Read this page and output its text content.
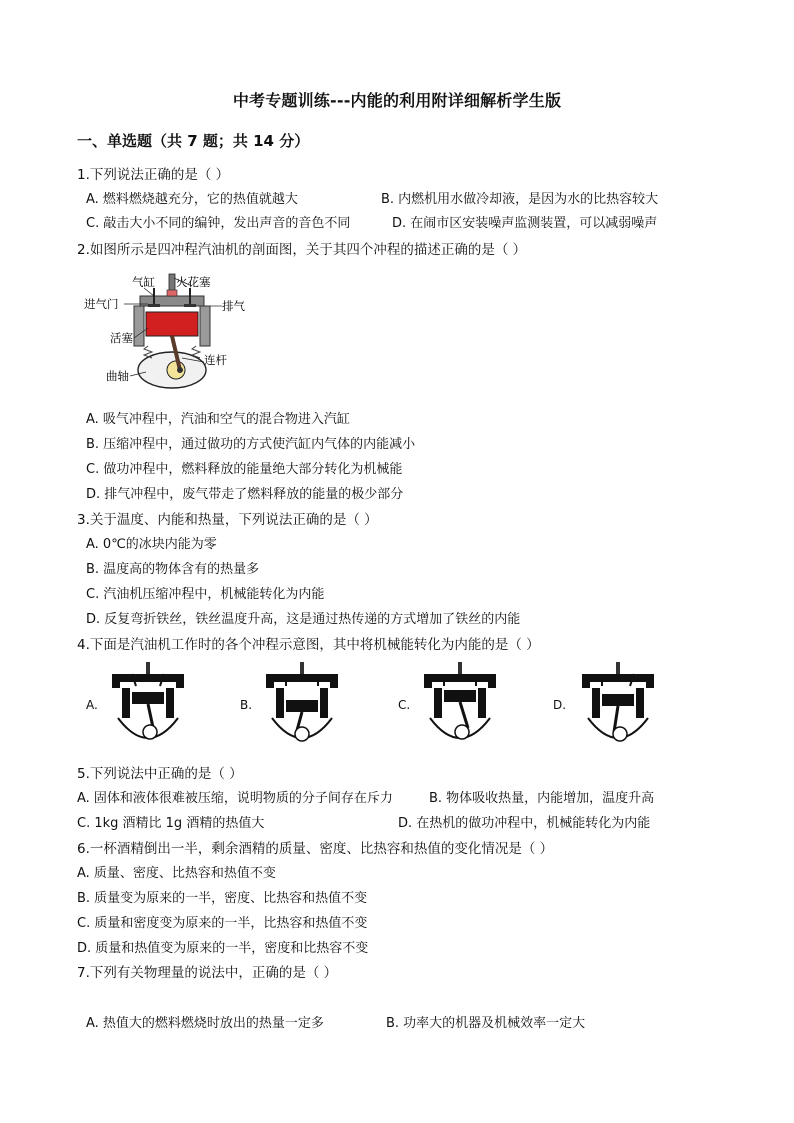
中考专题训练---内能的利用附详细解析学生版
一、单选题（共 7 题；共 14 分）
1.下列说法正确的是（ ）
A. 燃料燃烧越充分，它的热值就越大	B. 内燃机用水做冷却液，是因为水的比热容较大
C. 敲击大小不同的编钟，发出声音的音色不同	D. 在闹市区安装噪声监测装置，可以减弱噪声
2.如图所示是四冲程汽油机的剖面图，关于其四个冲程的描述正确的是（ ）
气缸 火花塞
进气门	排气
活塞
连杆
曲轴
A. 吸气冲程中，汽油和空气的混合物进入汽缸
B. 压缩冲程中，通过做功的方式使汽缸内气体的内能减小
C. 做功冲程中，燃料释放的能量绝大部分转化为机械能
D. 排气冲程中，废气带走了燃料释放的能量的极少部分
3.关于温度、内能和热量，下列说法正确的是（ ）
A. 0℃的冰块内能为零
B. 温度高的物体含有的热量多
C. 汽油机压缩冲程中，机械能转化为内能
D. 反复弯折铁丝，铁丝温度升高，这是通过热传递的方式增加了铁丝的内能
4.下面是汽油机工作时的各个冲程示意图，其中将机械能转化为内能的是（ ）
A.	B.	C.	D.
5.下列说法中正确的是（ ）
A. 固体和液体很难被压缩，说明物质的分子间存在斥力	B. 物体吸收热量，内能增加，温度升高
C. 1kg 酒精比 1g 酒精的热值大	D. 在热机的做功冲程中，机械能转化为内能
6.一杯酒精倒出一半，剩余酒精的质量、密度、比热容和热值的变化情况是（ ）
A. 质量、密度、比热容和热值不变
B. 质量变为原来的一半，密度、比热容和热值不变
C. 质量和密度变为原来的一半，比热容和热值不变
D. 质量和热值变为原来的一半，密度和比热容不变
7.下列有关物理量的说法中，正确的是（ ）
A. 热值大的燃料燃烧时放出的热量一定多	B. 功率大的机器及机械效率一定大
